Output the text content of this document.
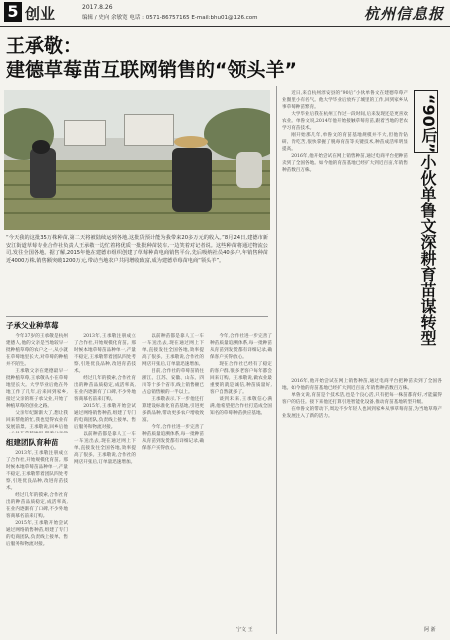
5 创业	2017.8.26
编辑 / 史向 余敏宽 电话 : 0571-86757165 E-mail:bhu01@126.com	杭州信息报
王承敬：
建德草莓苗互联网销售的“领头羊”
“今天我的这批35万株种苗,第二天将被陆续运到各地,这批货预计能为我带来20多万元的收入。”8月24日,建德市新安江街道草莓专业合作社负责人王承敬一边忙着将优质一批批种苗装车,一边笑着对记者说。这些种苗将通过物流公司,发往全国各地。据了解,2015年他在建德市组织创建了草莓种苗电商销售平台,先后吸纳社员40多户,年销售种苗近4000万株,销售额突破1200万元,带动当地农户共同增收致富,成为建德草莓苗电商“领头羊”。
子承父业种草莓

今年37岁的王承敬是杭州建德人,他的父亲是当地较早一批种植草莓的农户之一,从小就在草莓地里长大,对草莓的种植并不陌生。

王承敬父亲在建德最早一批种植草莓,王承敬从小在草莓地里长大。大学毕业后他在外地工作了几年,后来回到家乡,接过父亲的班子承父业,开始了种植草莓的创业之路。

父亲年纪渐渐大了,想让我回来帮他的忙,我也觉得农业有发展前景。王承敬说,回乡后他

组建团队育种苗

2013年,王承敬注册成立了合作社,开始规模化育苗。那时候本地草莓苗品种单一,产量不稳定,王承敬带着团队四处考察,引进优良品种,改进育苗技术。

经过几年的摸索,合作社育出的种苗品质稳定,成活率高,在业内逐渐有了口碑,不少外地客商慕名前来订购。

2015年,王承敬开始尝试通过网络销售种苗,组建了专门的电商团队,负责线上接单、售后服务和物流对接。

2013年,王承敬注册成立了合作社,开始规模化育苗。那时候本地草莓苗品种单一,产量不稳定,王承敬带着团队四处考察,引进优良品种,改进育苗技术。

经过几年的摸索,合作社育出的种苗品质稳定,成活率高,在业内逐渐有了口碑,不少外地客商慕名前来订购。

2015年,王承敬开始尝试通过网络销售种苗,组建了专门的电商团队,负责线上接单、售后服务和物流对接。

以前种苗都是靠人工一车一车送出去,现在通过网上下单,直接发往全国各地,效率提高了很多。王承敬说,合作社的网店开张后,订单量迅速增加。

以前种苗都是靠人工一车一车送出去,现在通过网上下单,直接发往全国各地,效率提高了很多。王承敬说,合作社的网店开张后,订单量迅速增加。

目前,合作社的草莓苗销往浙江、江苏、安徽、山东、四川等十多个省市,线上销售额已占总销售额的一半以上。

王承敬表示,下一步他还打算建设标准化育苗基地,引进更多新品种,带动更多农户增收致富。

今年,合作社进一步完善了种苗质量追溯体系,每一批种苗从育苗到发货都有详细记录,确保客户买得放心。

今年,合作社进一步完善了种苗质量追溯体系,每一批种苗从育苗到发货都有详细记录,确保客户买得放心。

现在合作社已经有了稳定的客户群,很多老客户每年都会回来订购。王承敬说,做农业最重要的就是诚信,种苗质量好,客户自然就多了。

谈到未来,王承敬信心满满,他希望把合作社打造成全国知名的草莓种苗供应基地。

宁文 王

近日,来自杭州淳安县的“90后”小伙单鲁文在建德草莓产业圈里小有名气。他大学毕业后放弃了城里的工作,回到家乡从事草莓种苗繁育。

大学毕业后我在杭州工作过一段时间,后来发现还是更喜欢农业。单鲁文说,2014年他开始接触草莓育苗,跟着当地的老农学习育苗技术。

刚开始那几年,单鲁文的育苗基地规模并不大,但他肯钻研、肯吃苦,很快掌握了脱毒育苗等关键技术,种苗成活率明显提高。

2016年,他开始尝试在网上销售种苗,通过电商平台把种苗卖到了全国各地。如今他的育苗基地已经扩大到近百亩,年销售种苗数百万株。

2016年,他开始尝试在网上销售种苗,通过电商平台把种苗卖到了全国各地。如今他的育苗基地已经扩大到近百亩,年销售种苗数百万株。

单鲁文说,育苗是个技术活,也是个良心活,只有把每一株苗都育好,才能赢得客户的信任。接下来他还打算引进智能化设备,推动育苗基地转型升级。

在单鲁文的带动下,周边不少年轻人也回到家乡从事草莓育苗,为当地草莓产业发展注入了新的活力。

阿 浙
“90后”
小伙单鲁文深耕育苗谋转型
